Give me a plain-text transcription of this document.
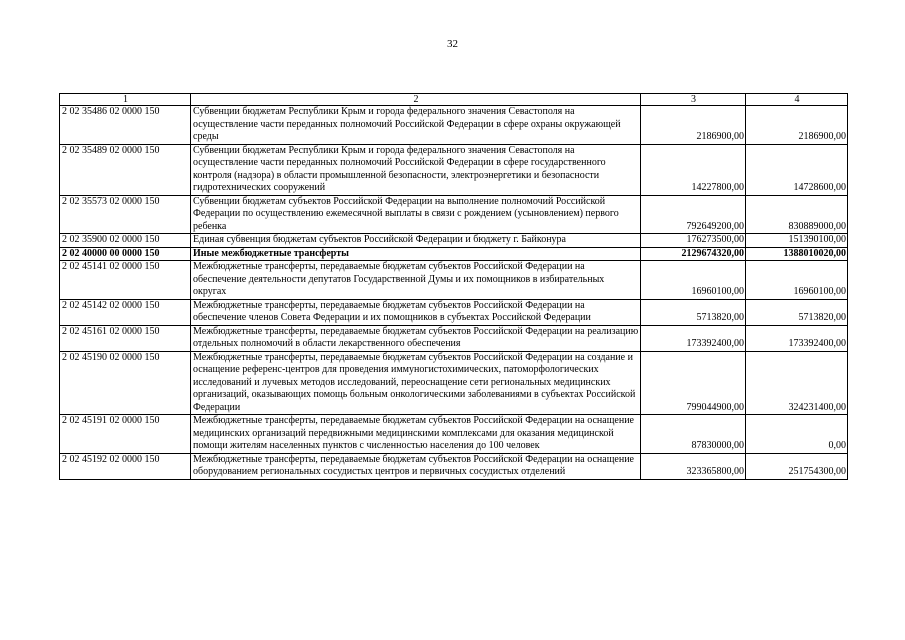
32
1	2	3	4
2 02 35486 02 0000 150	Субвенции бюджетам Республики Крым и города федерального значения Севастополя на осуществление части переданных полномочий Российской Федерации в сфере охраны окружающей среды	2186900,00	2186900,00
2 02 35489 02 0000 150	Субвенции бюджетам Республики Крым и города федерального значения Севастополя на осуществление части переданных полномочий Российской Федерации в сфере государственного контроля (надзора) в области промышленной безопасности, электроэнергетики и безопасности гидротехнических сооружений	14227800,00	14728600,00
2 02 35573 02 0000 150	Субвенции бюджетам субъектов Российской Федерации на выполнение полномочий Российской Федерации по осуществлению ежемесячной выплаты в связи с рождением (усыновлением) первого ребенка	792649200,00	830889000,00
2 02 35900 02 0000 150	Единая субвенция бюджетам субъектов Российской Федерации и бюджету г. Байконура	176273500,00	151390100,00
2 02 40000 00 0000 150	Иные межбюджетные трансферты	2129674320,00	1388010020,00
2 02 45141 02 0000 150	Межбюджетные трансферты, передаваемые бюджетам субъектов Российской Федерации на обеспечение деятельности депутатов Государственной Думы и их помощников в избирательных округах	16960100,00	16960100,00
2 02 45142 02 0000 150	Межбюджетные трансферты, передаваемые бюджетам субъектов Российской Федерации на обеспечение членов Совета Федерации и их помощников в субъектах Российской Федерации	5713820,00	5713820,00
2 02 45161 02 0000 150	Межбюджетные трансферты, передаваемые бюджетам субъектов Российской Федерации на реализацию отдельных полномочий в области лекарственного обеспечения	173392400,00	173392400,00
2 02 45190 02 0000 150	Межбюджетные трансферты, передаваемые бюджетам субъектов Российской Федерации на создание и оснащение референс-центров для проведения иммуногистохимических, патоморфологических исследований и лучевых методов исследований, переоснащение сети региональных медицинских организаций, оказывающих помощь больным онкологическими заболеваниями в субъектах Российской Федерации	799044900,00	324231400,00
2 02 45191 02 0000 150	Межбюджетные трансферты, передаваемые бюджетам субъектов Российской Федерации на оснащение медицинских организаций передвижными медицинскими комплексами для оказания медицинской помощи жителям населенных пунктов с численностью населения до 100 человек	87830000,00	0,00
2 02 45192 02 0000 150	Межбюджетные трансферты, передаваемые бюджетам субъектов Российской Федерации на оснащение оборудованием региональных сосудистых центров и первичных сосудистых отделений	323365800,00	251754300,00
